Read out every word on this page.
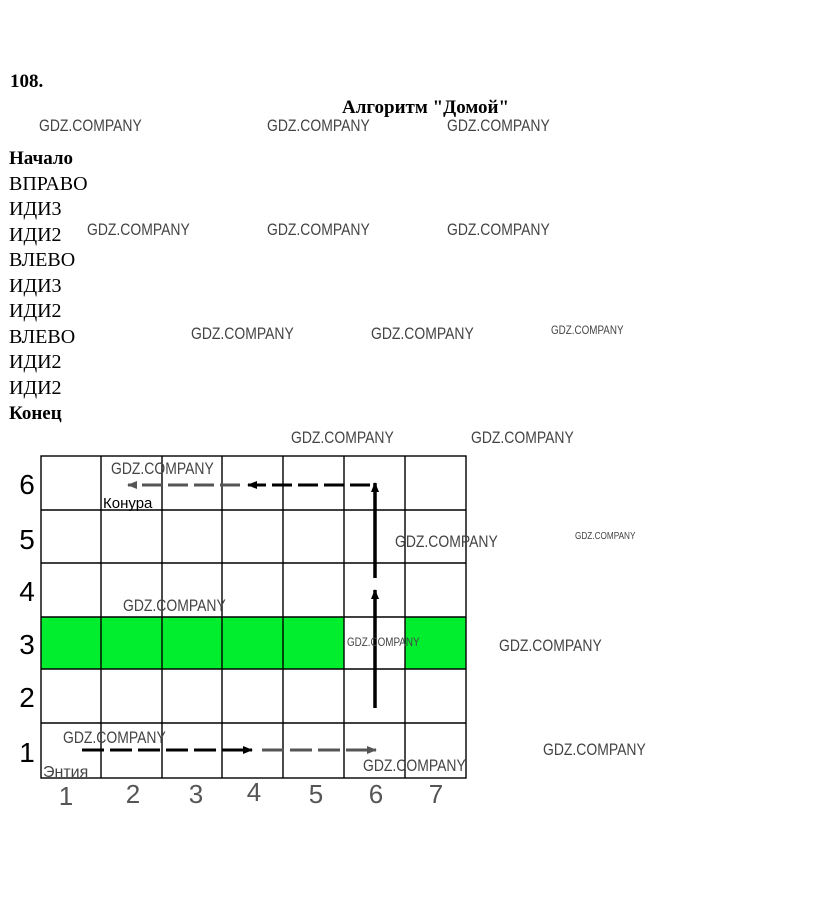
108.
Алгоритм "Домой"
Начало
ВПРАВО
ИДИ3
ИДИ2
ВЛЕВО
ИДИ3
ИДИ2
ВЛЕВО
ИДИ2
ИДИ2
Конец
6
5
4
3
2
1
1 2 3 4 5 6 7
Конура
Энтия
GDZ.COMPANY	GDZ.COMPANY	GDZ.COMPANY
GDZ.COMPANY	GDZ.COMPANY	GDZ.COMPANY
GDZ.COMPANY	GDZ.COMPANY	GDZ.COMPANY
GDZ.COMPANY	GDZ.COMPANY
GDZ.COMPANY
GDZ.COMPANY	GDZ.COMPANY
GDZ.COMPANY
GDZ.COMPANY	GDZ.COMPANY
GDZ.COMPANY
GDZ.COMPANY
GDZ.COMPANY
